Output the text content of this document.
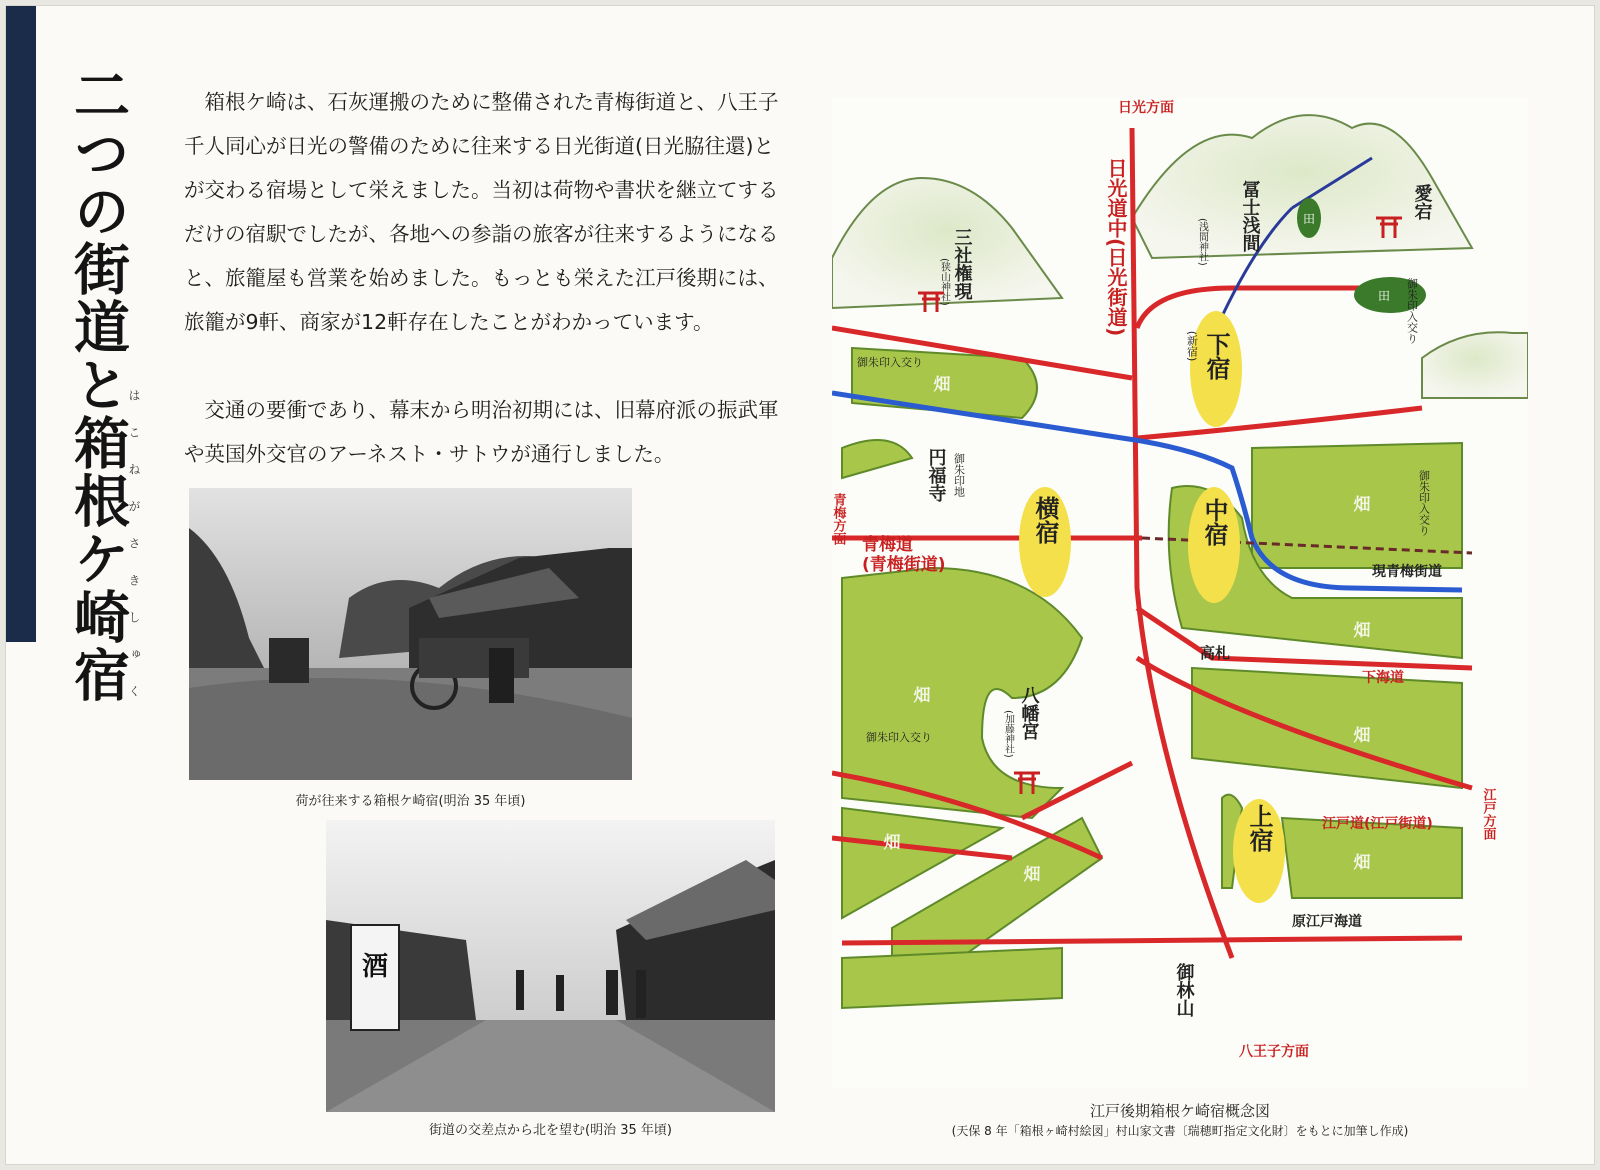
二つの街道と箱根ケ崎宿
はこねがさきしゅく
箱根ケ崎は、石灰運搬のために整備された青梅街道と、八王子千人同心が日光の警備のために往来する日光街道(日光脇往還)とが交わる宿場として栄えました。当初は荷物や書状を継立てするだけの宿駅でしたが、各地への参詣の旅客が往来するようになると、旅籠屋も営業を始めました。もっとも栄えた江戸後期には、旅籠が9軒、商家が12軒存在したことがわかっています。
交通の要衝であり、幕末から明治初期には、旧幕府派の振武軍や英国外交官のアーネスト・サトウが通行しました。
荷が往来する箱根ケ崎宿(明治 35 年頃)
酒
街道の交差点から北を望む(明治 35 年頃)
下宿
(新宿)
中宿
横宿
上宿
日光方面
青梅方面
江戸方面
八王子方面
日光道中(日光街道)
青梅道
(青梅街道)	現青梅街道
下海道
江戸道(江戸街道)
原江戸海道
三社権現
(狭山神社)
冨士浅間
(浅間神社)
愛宕
円福寺 御朱印地
八幡宮
(加藤神社)
高札
田
田
御朱印入交り
御朱印入交り
御朱印入交り
御朱印入交り
畑
畑
畑
畑
畑
畑
畑
畑
御林山
江戸後期箱根ケ崎宿概念図
(天保 8 年「箱根ヶ崎村絵図」村山家文書〔瑞穂町指定文化財〕をもとに加筆し作成)
